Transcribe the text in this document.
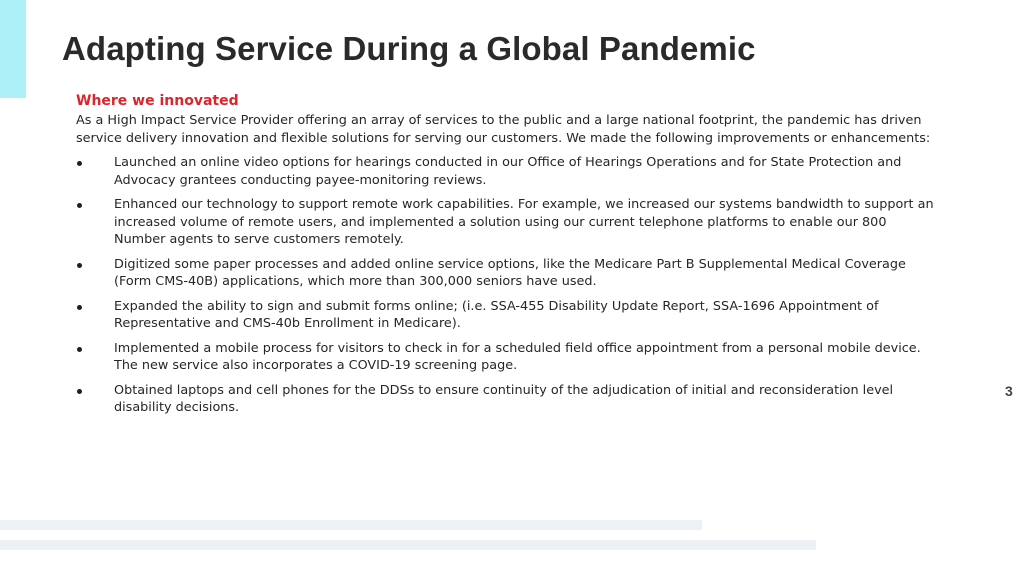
Adapting Service During a Global Pandemic

Where we innovated

As a High Impact Service Provider offering an array of services to the public and a large national footprint, the pandemic has driven service delivery innovation and flexible solutions for serving our customers. We made the following improvements or enhancements:

Launched an online video options for hearings conducted in our Office of Hearings Operations and for State Protection and Advocacy grantees conducting payee-monitoring reviews.
Enhanced our technology to support remote work capabilities. For example, we increased our systems bandwidth to support an increased volume of remote users, and implemented a solution using our current telephone platforms to enable our 800 Number agents to serve customers remotely.
Digitized some paper processes and added online service options, like the Medicare Part B Supplemental Medical Coverage (Form CMS-40B) applications, which more than 300,000 seniors have used.
Expanded the ability to sign and submit forms online; (i.e. SSA-455 Disability Update Report, SSA-1696 Appointment of Representative and CMS-40b Enrollment in Medicare).
Implemented a mobile process for visitors to check in for a scheduled field office appointment from a personal mobile device. The new service also incorporates a COVID-19 screening page.
Obtained laptops and cell phones for the DDSs to ensure continuity of the adjudication of initial and reconsideration level disability decisions.
3
